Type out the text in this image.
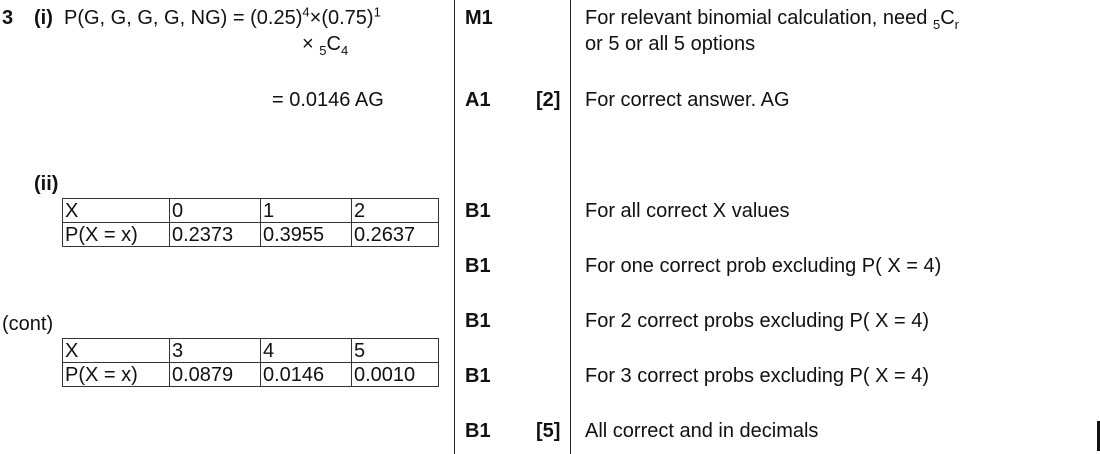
3 (i) P(G, G, G, G, $NG) = (0.25)^4\times(0.75)^1$
× $_5C_4$
= 0.0146 AG
M1
A1 [2]
For relevant binomial calculation, need $_5C_r$
or 5 or all 5 options
For correct answer. AG
(ii)
X	0	1	2
P(X = x)	0.2373	0.3955	0.2637
(cont)
X	3	4	5
P(X = x)	0.0879	0.0146	0.0010
B1
B1
B1
B1
B1 [5]
For all correct X values
For one correct prob excluding P( X = 4)
For 2 correct probs excluding P( X = 4)
For 3 correct probs excluding P( X = 4)
All correct and in decimals
